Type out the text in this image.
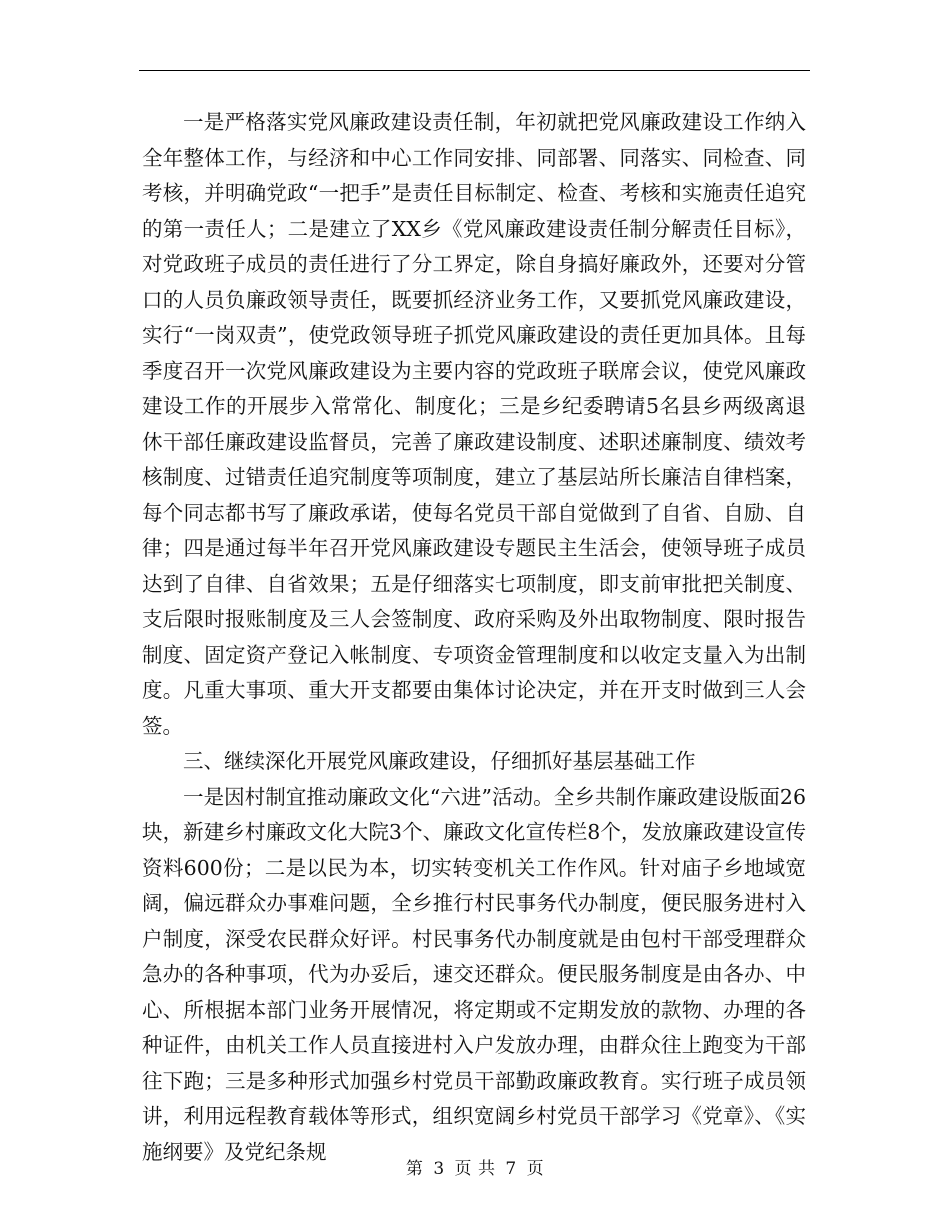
一是严格落实党风廉政建设责任制，年初就把党风廉政建设工作纳入全年整体工作，与经济和中心工作同安排、同部署、同落实、同检查、同考核，并明确党政“一把手”是责任目标制定、检查、考核和实施责任追究的第一责任人；二是建立了XX乡《党风廉政建设责任制分解责任目标》，对党政班子成员的责任进行了分工界定，除自身搞好廉政外，还要对分管口的人员负廉政领导责任，既要抓经济业务工作，又要抓党风廉政建设，实行“一岗双责”，使党政领导班子抓党风廉政建设的责任更加具体。且每季度召开一次党风廉政建设为主要内容的党政班子联席会议，使党风廉政建设工作的开展步入常常化、制度化；三是乡纪委聘请5名县乡两级离退休干部任廉政建设监督员，完善了廉政建设制度、述职述廉制度、绩效考核制度、过错责任追究制度等项制度，建立了基层站所长廉洁自律档案，每个同志都书写了廉政承诺，使每名党员干部自觉做到了自省、自励、自律；四是通过每半年召开党风廉政建设专题民主生活会，使领导班子成员达到了自律、自省效果；五是仔细落实七项制度，即支前审批把关制度、支后限时报账制度及三人会签制度、政府采购及外出取物制度、限时报告制度、固定资产登记入帐制度、专项资金管理制度和以收定支量入为出制度。凡重大事项、重大开支都要由集体讨论决定，并在开支时做到三人会签。

三、继续深化开展党风廉政建设，仔细抓好基层基础工作

一是因村制宜推动廉政文化“六进”活动。全乡共制作廉政建设版面26块，新建乡村廉政文化大院3个、廉政文化宣传栏8个，发放廉政建设宣传资料600份；二是以民为本，切实转变机关工作作风。针对庙子乡地域宽阔，偏远群众办事难问题，全乡推行村民事务代办制度，便民服务进村入户制度，深受农民群众好评。村民事务代办制度就是由包村干部受理群众急办的各种事项，代为办妥后，速交还群众。便民服务制度是由各办、中心、所根据本部门业务开展情况，将定期或不定期发放的款物、办理的各种证件，由机关工作人员直接进村入户发放办理，由群众往上跑变为干部往下跑；三是多种形式加强乡村党员干部勤政廉政教育。实行班子成员领讲，利用远程教育载体等形式，组织宽阔乡村党员干部学习《党章》、《实施纲要》及党纪条规

第 3 页 共 7 页
